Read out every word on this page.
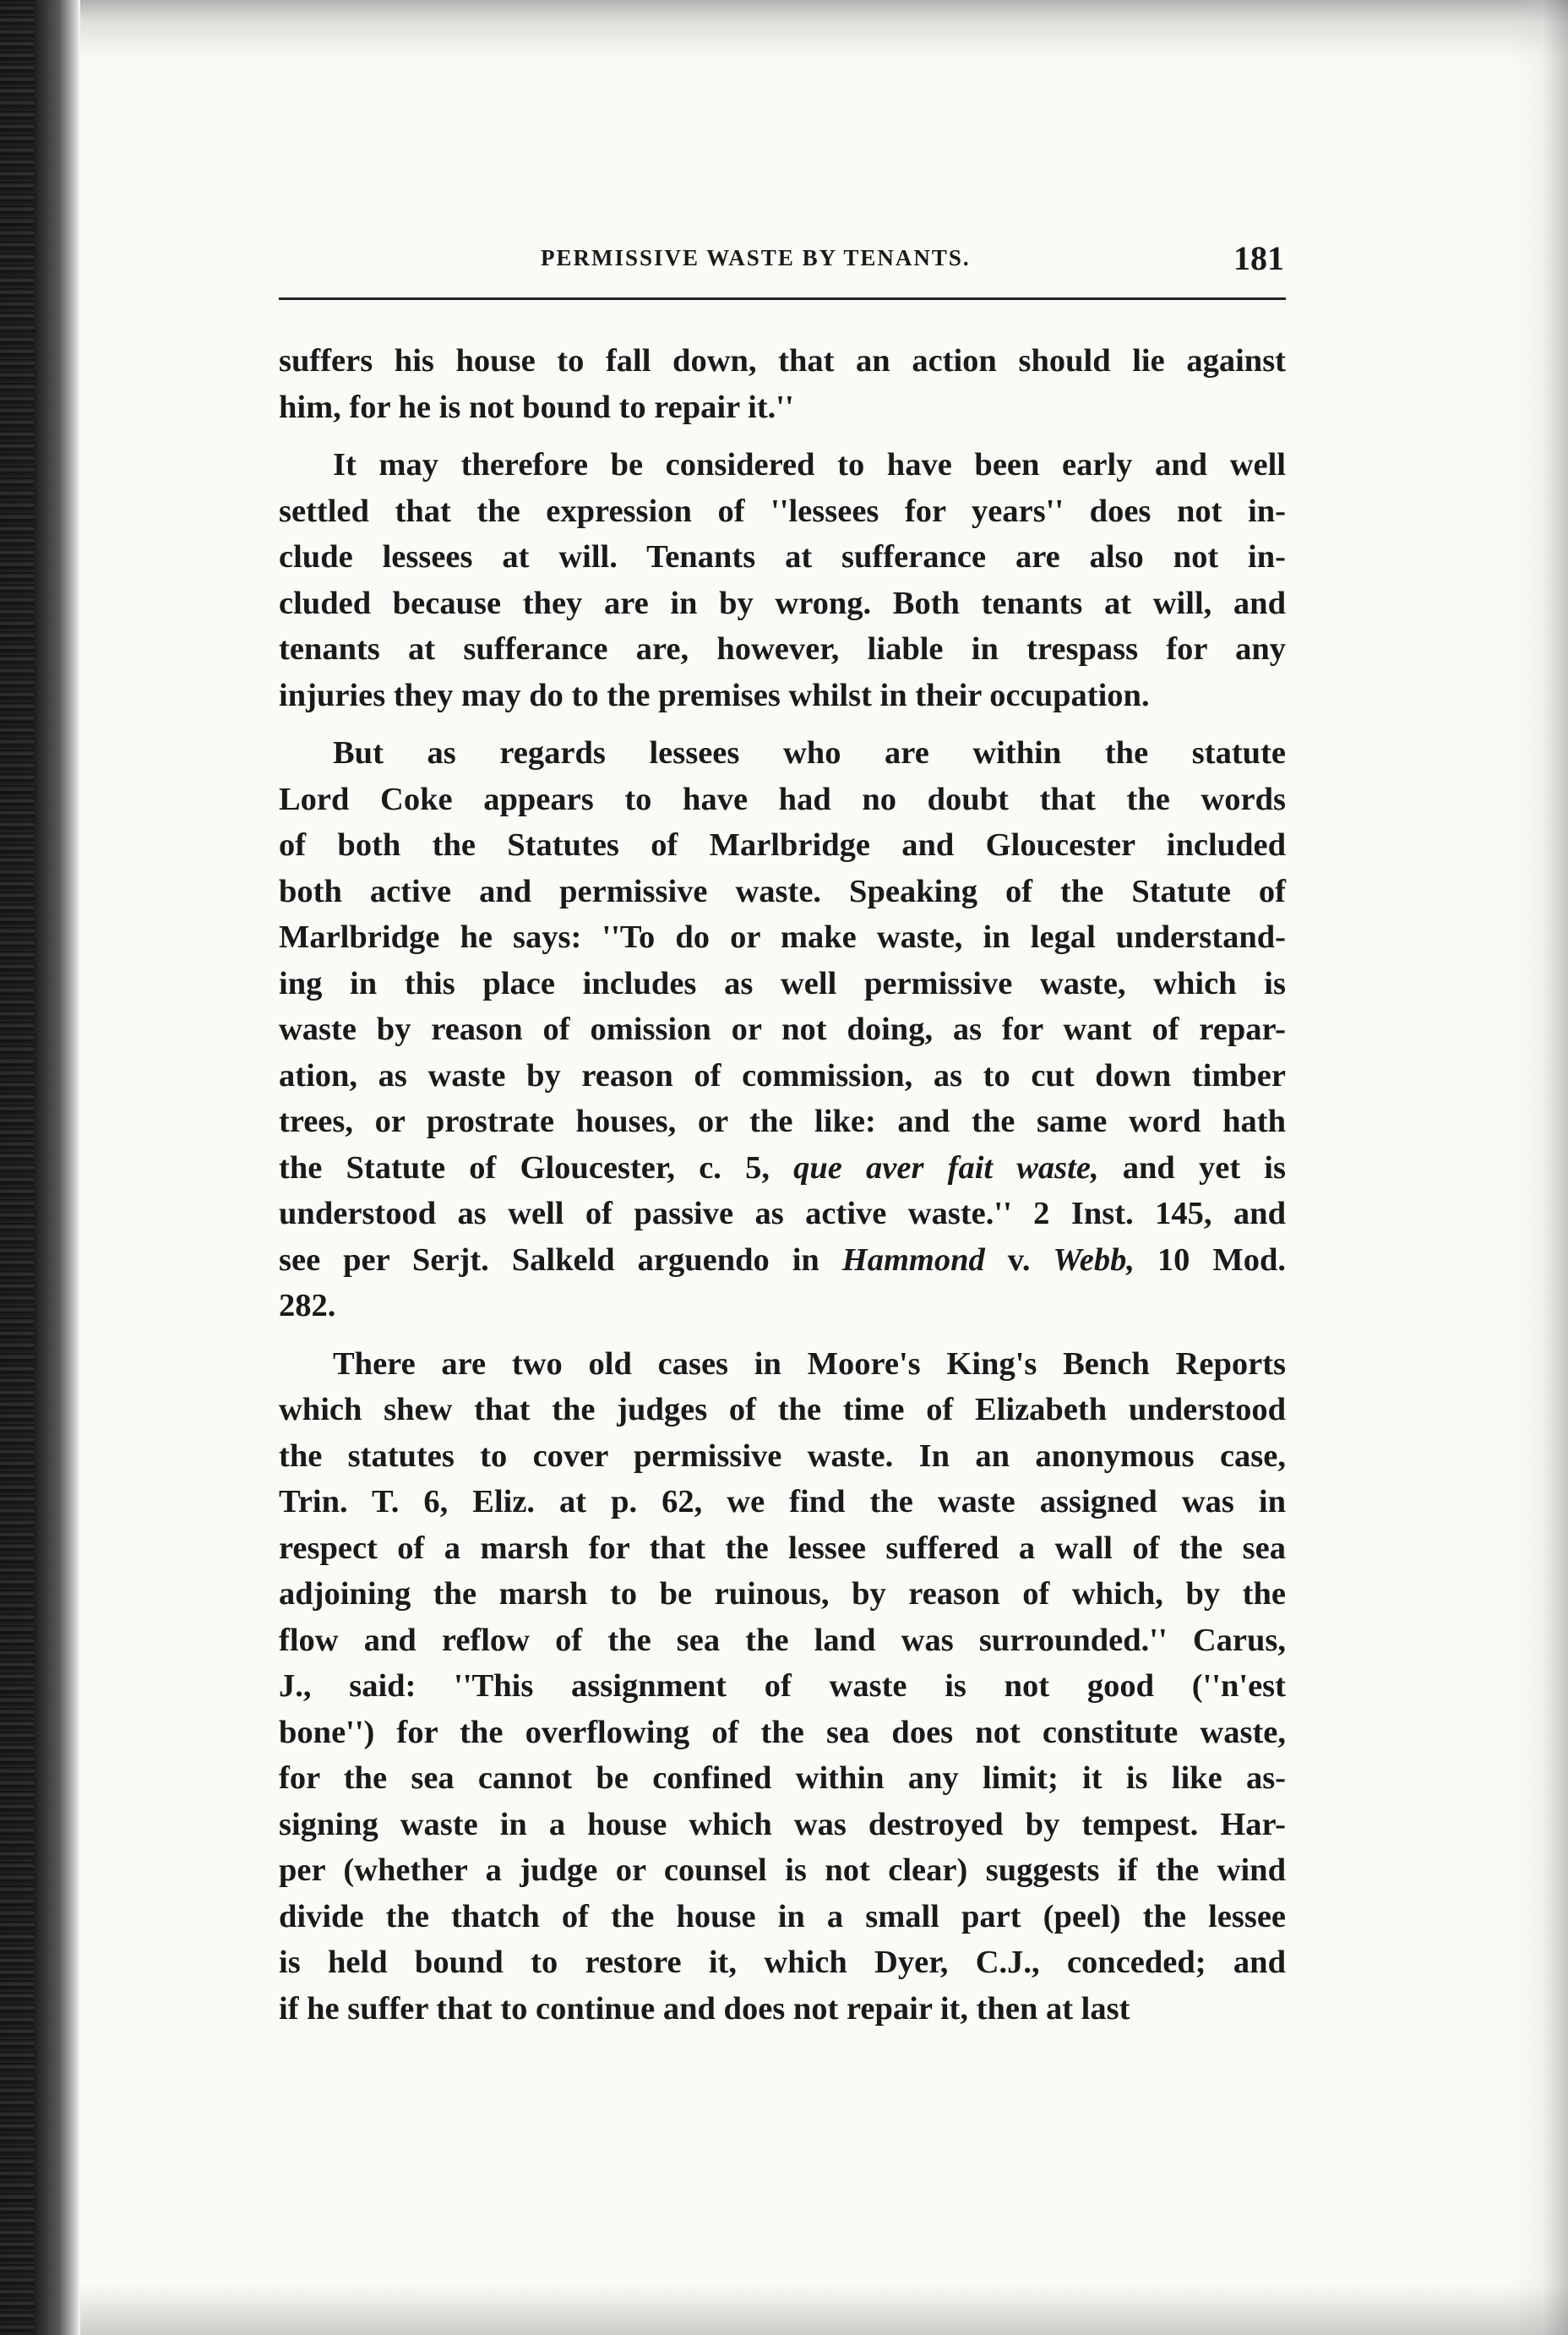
PERMISSIVE WASTE BY TENANTS.	181
suffers his house to fall down, that an action should lie against
him, for he is not bound to repair it.''
It may therefore be considered to have been early and well
settled that the expression of ''lessees for years'' does not in-
clude lessees at will. Tenants at sufferance are also not in-
cluded because they are in by wrong. Both tenants at will, and
tenants at sufferance are, however, liable in trespass for any
injuries they may do to the premises whilst in their occupation.
But as regards lessees who are within the statute
Lord Coke appears to have had no doubt that the words
of both the Statutes of Marlbridge and Gloucester included
both active and permissive waste. Speaking of the Statute of
Marlbridge he says: ''To do or make waste, in legal understand-
ing in this place includes as well permissive waste, which is
waste by reason of omission or not doing, as for want of repar-
ation, as waste by reason of commission, as to cut down timber
trees, or prostrate houses, or the like: and the same word hath
the Statute of Gloucester, c. 5, que aver fait waste, and yet is
understood as well of passive as active waste.'' 2 Inst. 145, and
see per Serjt. Salkeld arguendo in Hammond v. Webb, 10 Mod.
282.
There are two old cases in Moore's King's Bench Reports
which shew that the judges of the time of Elizabeth understood
the statutes to cover permissive waste. In an anonymous case,
Trin. T. 6, Eliz. at p. 62, we find the waste assigned was in
respect of a marsh for that the lessee suffered a wall of the sea
adjoining the marsh to be ruinous, by reason of which, by the
flow and reflow of the sea the land was surrounded.'' Carus,
J., said: ''This assignment of waste is not good (''n'est
bone'') for the overflowing of the sea does not constitute waste,
for the sea cannot be confined within any limit; it is like as-
signing waste in a house which was destroyed by tempest. Har-
per (whether a judge or counsel is not clear) suggests if the wind
divide the thatch of the house in a small part (peel) the lessee
is held bound to restore it, which Dyer, C.J., conceded; and
if he suffer that to continue and does not repair it, then at last
